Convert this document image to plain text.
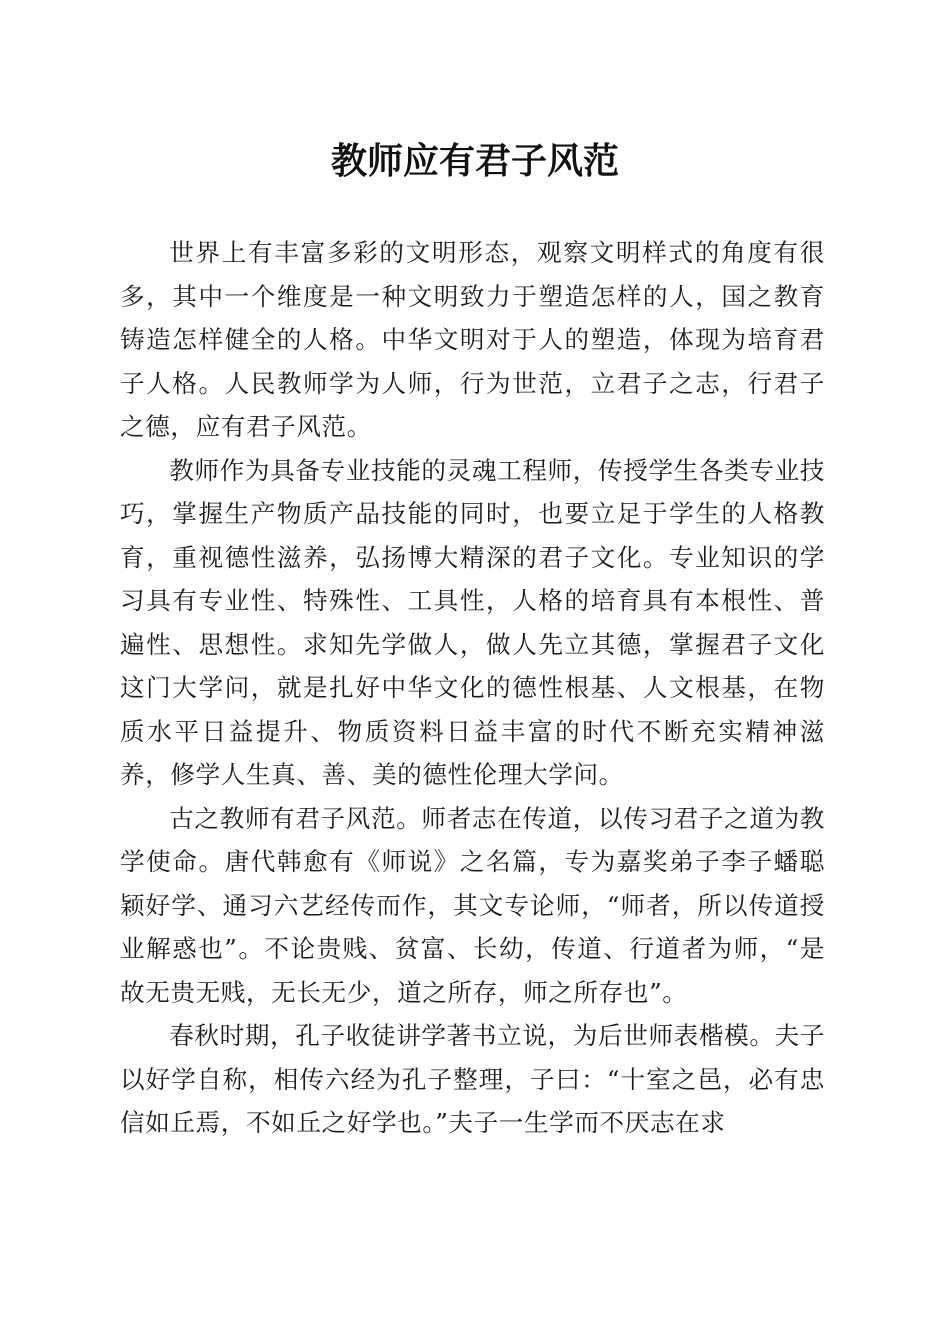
教师应有君子风范

世界上有丰富多彩的文明形态，观察文明样式的角度有很多，其中一个维度是一种文明致力于塑造怎样的人，国之教育铸造怎样健全的人格。中华文明对于人的塑造，体现为培育君子人格。人民教师学为人师，行为世范，立君子之志，行君子之德，应有君子风范。

教师作为具备专业技能的灵魂工程师，传授学生各类专业技巧，掌握生产物质产品技能的同时，也要立足于学生的人格教育，重视德性滋养，弘扬博大精深的君子文化。专业知识的学习具有专业性、特殊性、工具性，人格的培育具有本根性、普遍性、思想性。求知先学做人，做人先立其德，掌握君子文化这门大学问，就是扎好中华文化的德性根基、人文根基，在物质水平日益提升、物质资料日益丰富的时代不断充实精神滋养，修学人生真、善、美的德性伦理大学问。

古之教师有君子风范。师者志在传道，以传习君子之道为教学使命。唐代韩愈有《师说》之名篇，专为嘉奖弟子李子蟠聪颖好学、通习六艺经传而作，其文专论师，“师者，所以传道授业解惑也”。不论贵贱、贫富、长幼，传道、行道者为师，“是故无贵无贱，无长无少，道之所存，师之所存也”。

春秋时期，孔子收徒讲学著书立说，为后世师表楷模。夫子以好学自称，相传六经为孔子整理，子曰：“十室之邑，必有忠信如丘焉，不如丘之好学也。”夫子一生学而不厌志在求
